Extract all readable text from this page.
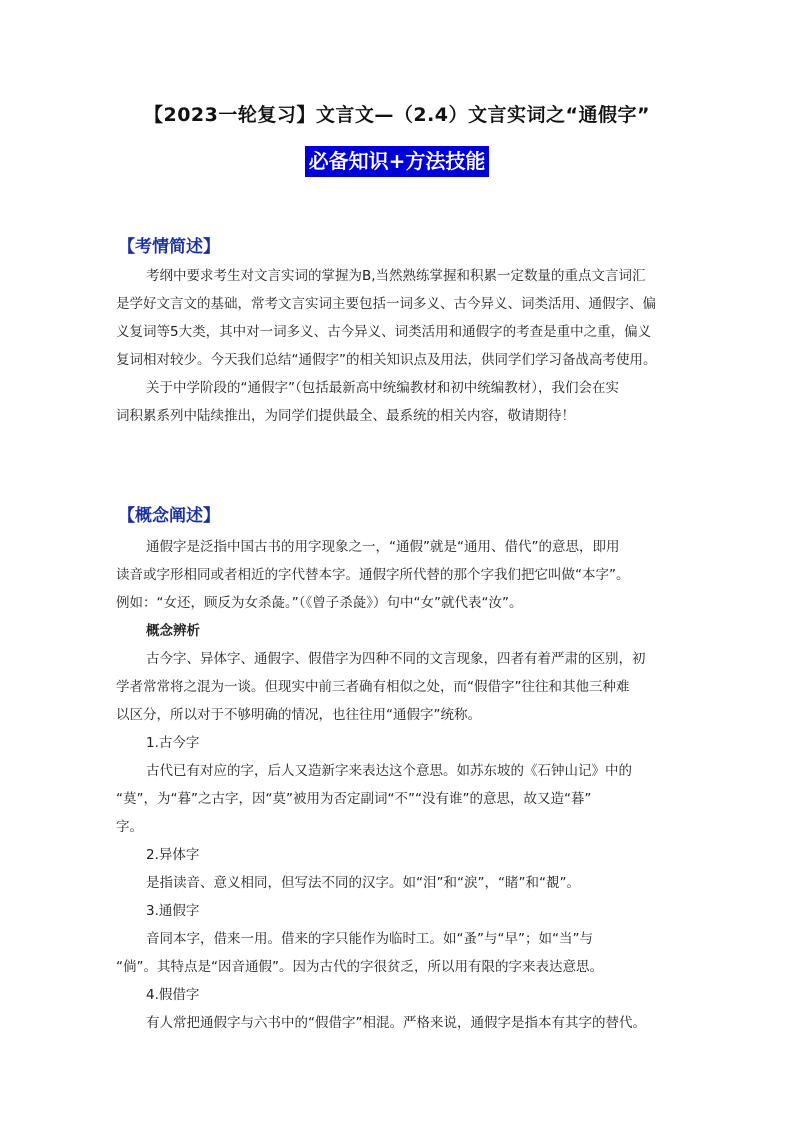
【2023一轮复习】文言文—（2.4）文言实词之“通假字”
必备知识+方法技能
【考情简述】
考纲中要求考生对文言实词的掌握为B,当然熟练掌握和积累一定数量的重点文言词汇
是学好文言文的基础，常考文言实词主要包括一词多义、古今异义、词类活用、通假字、偏
义复词等5大类，其中对一词多义、古今异义、词类活用和通假字的考查是重中之重，偏义
复词相对较少。今天我们总结“通假字”的相关知识点及用法，供同学们学习备战高考使用。
关于中学阶段的“通假字”（包括最新高中统编教材和初中统编教材），我们会在实
词积累系列中陆续推出，为同学们提供最全、最系统的相关内容，敬请期待！
【概念阐述】
通假字是泛指中国古书的用字现象之一，“通假”就是“通用、借代”的意思，即用
读音或字形相同或者相近的字代替本字。通假字所代替的那个字我们把它叫做“本字”。
例如：“女还，顾反为女杀彘。”（《曾子杀彘》）句中“女”就代表“汝”。
概念辨析
古今字、异体字、通假字、假借字为四种不同的文言现象，四者有着严肃的区别，初
学者常常将之混为一谈。但现实中前三者确有相似之处，而“假借字”往往和其他三种难
以区分，所以对于不够明确的情况，也往往用“通假字”统称。
1.古今字
古代已有对应的字，后人又造新字来表达这个意思。如苏东坡的《石钟山记》中的
“莫”，为“暮”之古字，因“莫”被用为否定副词“不”“没有谁”的意思，故又造“暮”
字。
2.异体字
是指读音、意义相同，但写法不同的汉字。如“泪”和“涙”，“睹”和“覩”。
3.通假字
音同本字，借来一用。借来的字只能作为临时工。如“蚤”与“早”；如“当”与
“倘”。其特点是“因音通假”。因为古代的字很贫乏，所以用有限的字来表达意思。
4.假借字
有人常把通假字与六书中的“假借字”相混。严格来说，通假字是指本有其字的替代。
